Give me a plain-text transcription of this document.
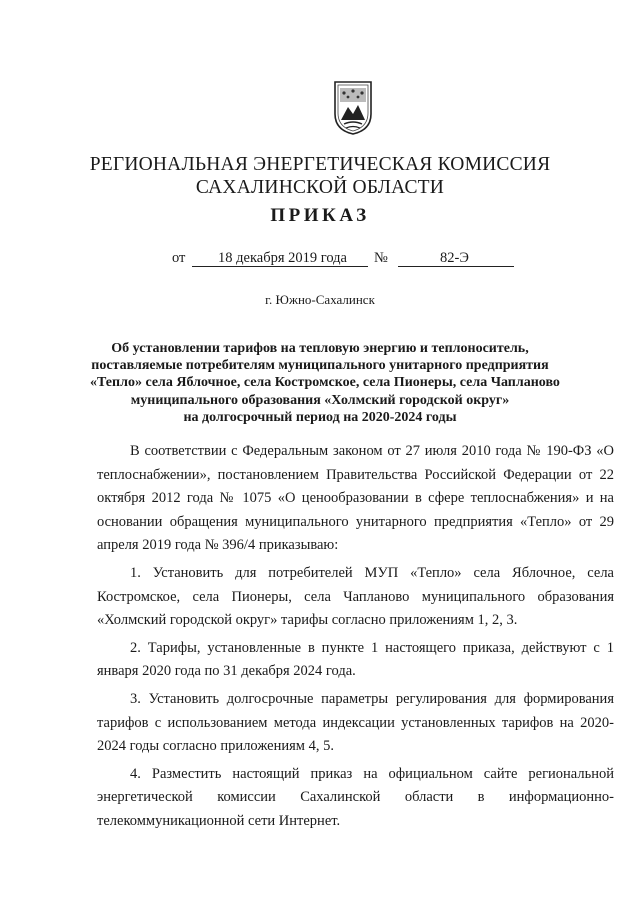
РЕГИОНАЛЬНАЯ ЭНЕРГЕТИЧЕСКАЯ КОМИССИЯ
САХАЛИНСКОЙ ОБЛАСТИ
ПРИКАЗ
от 18 декабря 2019 года №	82-Э
г. Южно-Сахалинск
Об установлении тарифов на тепловую энергию и теплоноситель,
поставляемые потребителям муниципального унитарного предприятия
«Тепло» села Яблочное, села Костромское, села Пионеры, села Чапланово
муниципального образования «Холмский городской округ»
на долгосрочный период на 2020-2024 годы

В соответствии с Федеральным законом от 27 июля 2010 года № 190-ФЗ «О теплоснабжении», постановлением Правительства Российской Федерации от 22 октября 2012 года № 1075 «О ценообразовании в сфере теплоснабжения» и на основании обращения муниципального унитарного предприятия «Тепло» от 29 апреля 2019 года № 396/4 приказываю:

1. Установить для потребителей МУП «Тепло» села Яблочное, села Костромское, села Пионеры, села Чапланово муниципального образования «Холмский городской округ» тарифы согласно приложениям 1, 2, 3.

2. Тарифы, установленные в пункте 1 настоящего приказа, действуют с 1 января 2020 года по 31 декабря 2024 года.

3. Установить долгосрочные параметры регулирования для формирования тарифов с использованием метода индексации установленных тарифов на 2020-2024 годы согласно приложениям 4, 5.

4. Разместить настоящий приказ на официальном сайте региональной энергетической комиссии Сахалинской области в информационно-телекоммуникационной сети Интернет.
